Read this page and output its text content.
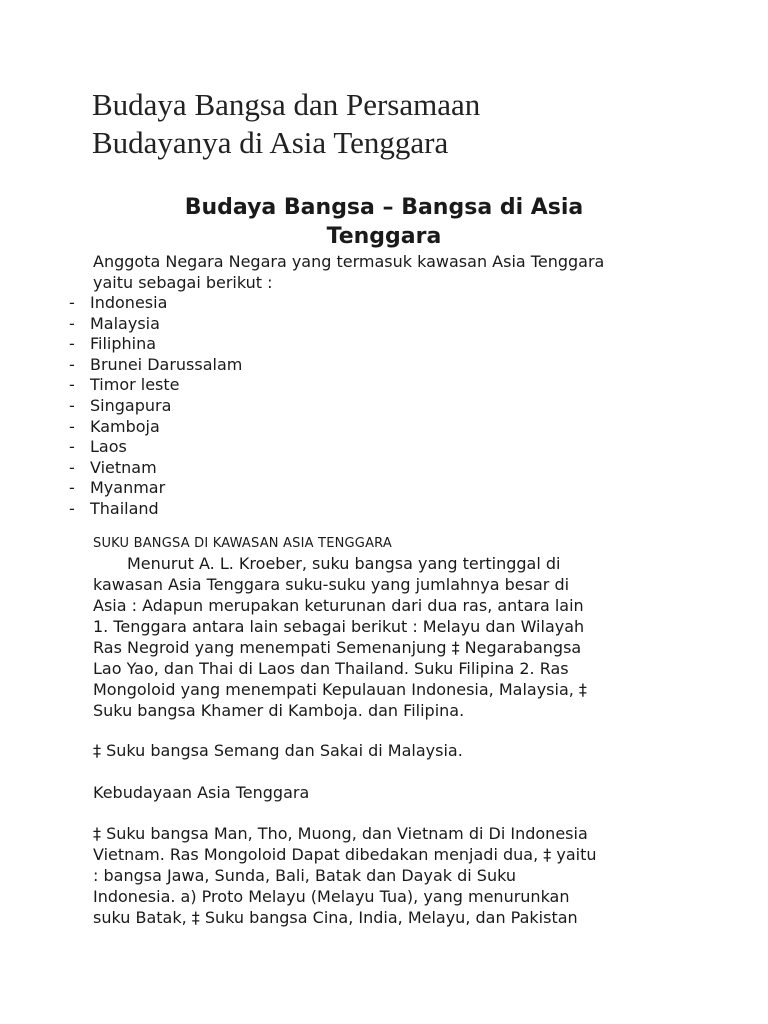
Budaya Bangsa dan Persamaan
Budayanya di Asia Tenggara
Budaya Bangsa – Bangsa di Asia
Tenggara

Anggota Negara Negara yang termasuk kawasan Asia Tenggara
yaitu sebagai berikut :

- Indonesia
- Malaysia
- Filiphina
- Brunei Darussalam
- Timor leste
- Singapura
- Kamboja
- Laos
- Vietnam
- Myanmar
- Thailand
SUKU BANGSA DI KAWASAN ASIA TENGGARA

Menurut A. L. Kroeber, suku bangsa yang tertinggal di
kawasan Asia Tenggara suku-suku yang jumlahnya besar di
Asia : Adapun merupakan keturunan dari dua ras, antara lain
1. Tenggara antara lain sebagai berikut : Melayu dan Wilayah
Ras Negroid yang menempati Semenanjung ‡ Negarabangsa
Lao Yao, dan Thai di Laos dan Thailand. Suku Filipina 2. Ras
Mongoloid yang menempati Kepulauan Indonesia, Malaysia, ‡
Suku bangsa Khamer di Kamboja. dan Filipina.

‡ Suku bangsa Semang dan Sakai di Malaysia.

Kebudayaan Asia Tenggara

‡ Suku bangsa Man, Tho, Muong, dan Vietnam di Di Indonesia
Vietnam. Ras Mongoloid Dapat dibedakan menjadi dua, ‡ yaitu
: bangsa Jawa, Sunda, Bali, Batak dan Dayak di Suku
Indonesia. a) Proto Melayu (Melayu Tua), yang menurunkan
suku Batak, ‡ Suku bangsa Cina, India, Melayu, dan Pakistan
